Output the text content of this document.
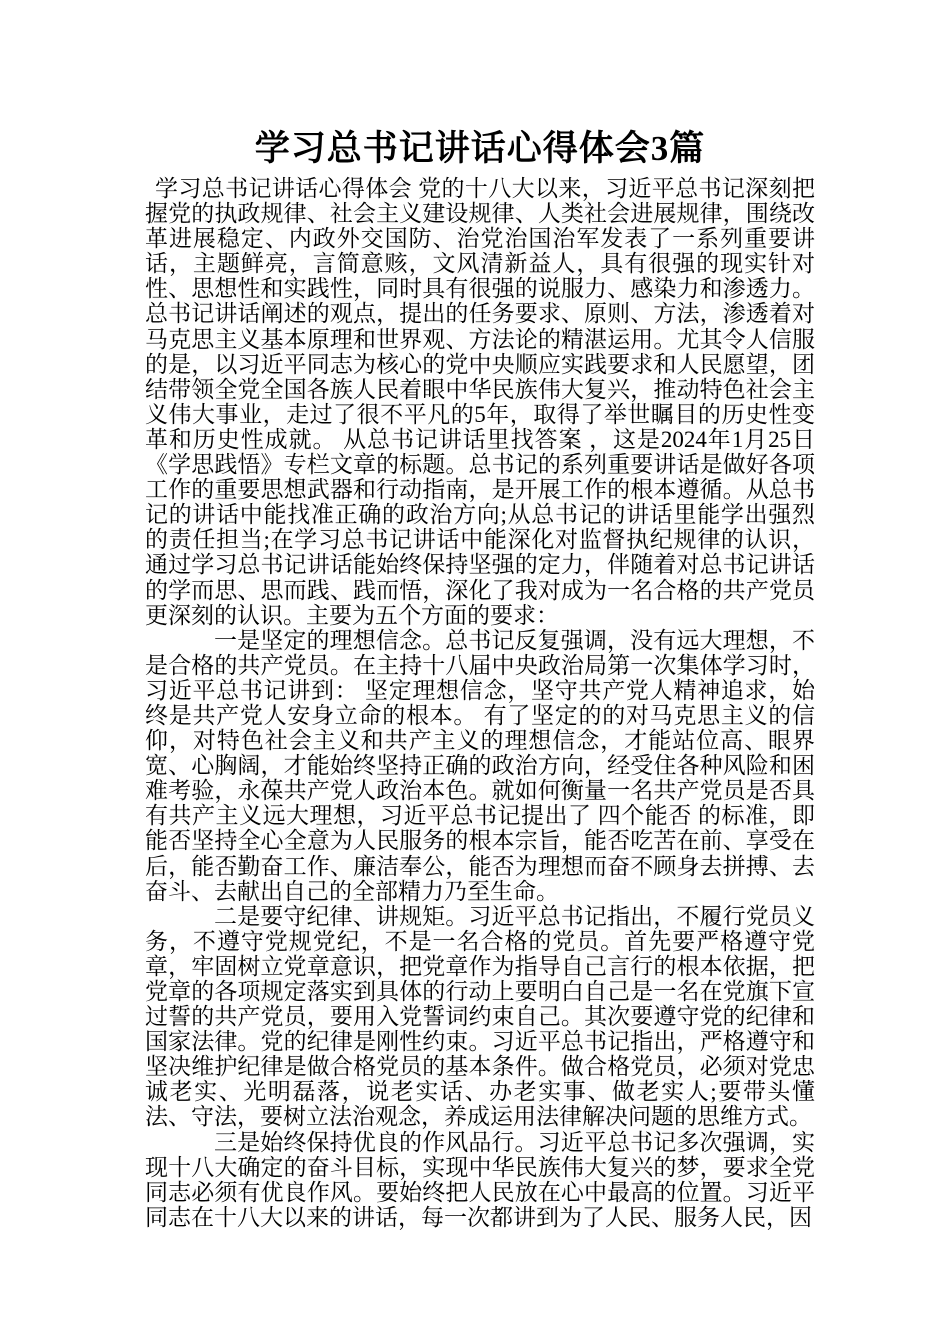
学习总书记讲话心得体会3篇

学习总书记讲话心得体会 党的十八大以来，习近平总书记深刻把握党的执政规律、社会主义建设规律、人类社会进展规律，围绕改革进展稳定、内政外交国防、治党治国治军发表了一系列重要讲话，主题鲜亮，言简意赅，文风清新益人，具有很强的现实针对性、思想性和实践性，同时具有很强的说服力、感染力和渗透力。总书记讲话阐述的观点，提出的任务要求、原则、方法，渗透着对马克思主义基本原理和世界观、方法论的精湛运用。尤其令人信服的是，以习近平同志为核心的党中央顺应实践要求和人民愿望，团结带领全党全国各族人民着眼中华民族伟大复兴，推动特色社会主义伟大事业，走过了很不平凡的5年，取得了举世瞩目的历史性变革和历史性成就。 从总书记讲话里找答案 ，这是2024年1月25日《学思践悟》专栏文章的标题。总书记的系列重要讲话是做好各项工作的重要思想武器和行动指南，是开展工作的根本遵循。从总书记的讲话中能找准正确的政治方向;从总书记的讲话里能学出强烈的责任担当;在学习总书记讲话中能深化对监督执纪规律的认识，通过学习总书记讲话能始终保持坚强的定力，伴随着对总书记讲话的学而思、思而践、践而悟，深化了我对成为一名合格的共产党员更深刻的认识。主要为五个方面的要求：

一是坚定的理想信念。总书记反复强调，没有远大理想，不是合格的共产党员。在主持十八届中央政治局第一次集体学习时，习近平总书记讲到： 坚定理想信念，坚守共产党人精神追求，始终是共产党人安身立命的根本。 有了坚定的的对马克思主义的信仰，对特色社会主义和共产主义的理想信念，才能站位高、眼界宽、心胸阔，才能始终坚持正确的政治方向，经受住各种风险和困难考验，永葆共产党人政治本色。就如何衡量一名共产党员是否具有共产主义远大理想，习近平总书记提出了 四个能否 的标准，即能否坚持全心全意为人民服务的根本宗旨，能否吃苦在前、享受在后，能否勤奋工作、廉洁奉公，能否为理想而奋不顾身去拼搏、去奋斗、去献出自己的全部精力乃至生命。

二是要守纪律、讲规矩。习近平总书记指出，不履行党员义务，不遵守党规党纪，不是一名合格的党员。首先要严格遵守党章，牢固树立党章意识，把党章作为指导自己言行的根本依据，把党章的各项规定落实到具体的行动上要明白自己是一名在党旗下宣过誓的共产党员，要用入党誓词约束自己。其次要遵守党的纪律和国家法律。党的纪律是刚性约束。习近平总书记指出，严格遵守和坚决维护纪律是做合格党员的基本条件。做合格党员，必须对党忠诚老实、光明磊落，说老实话、办老实事、做老实人;要带头懂法、守法，要树立法治观念，养成运用法律解决问题的思维方式。

三是始终保持优良的作风品行。习近平总书记多次强调，实现十八大确定的奋斗目标，实现中华民族伟大复兴的梦，要求全党同志必须有优良作风。要始终把人民放在心中最高的位置。习近平同志在十八大以来的讲话，每一次都讲到为了人民、服务人民，因
